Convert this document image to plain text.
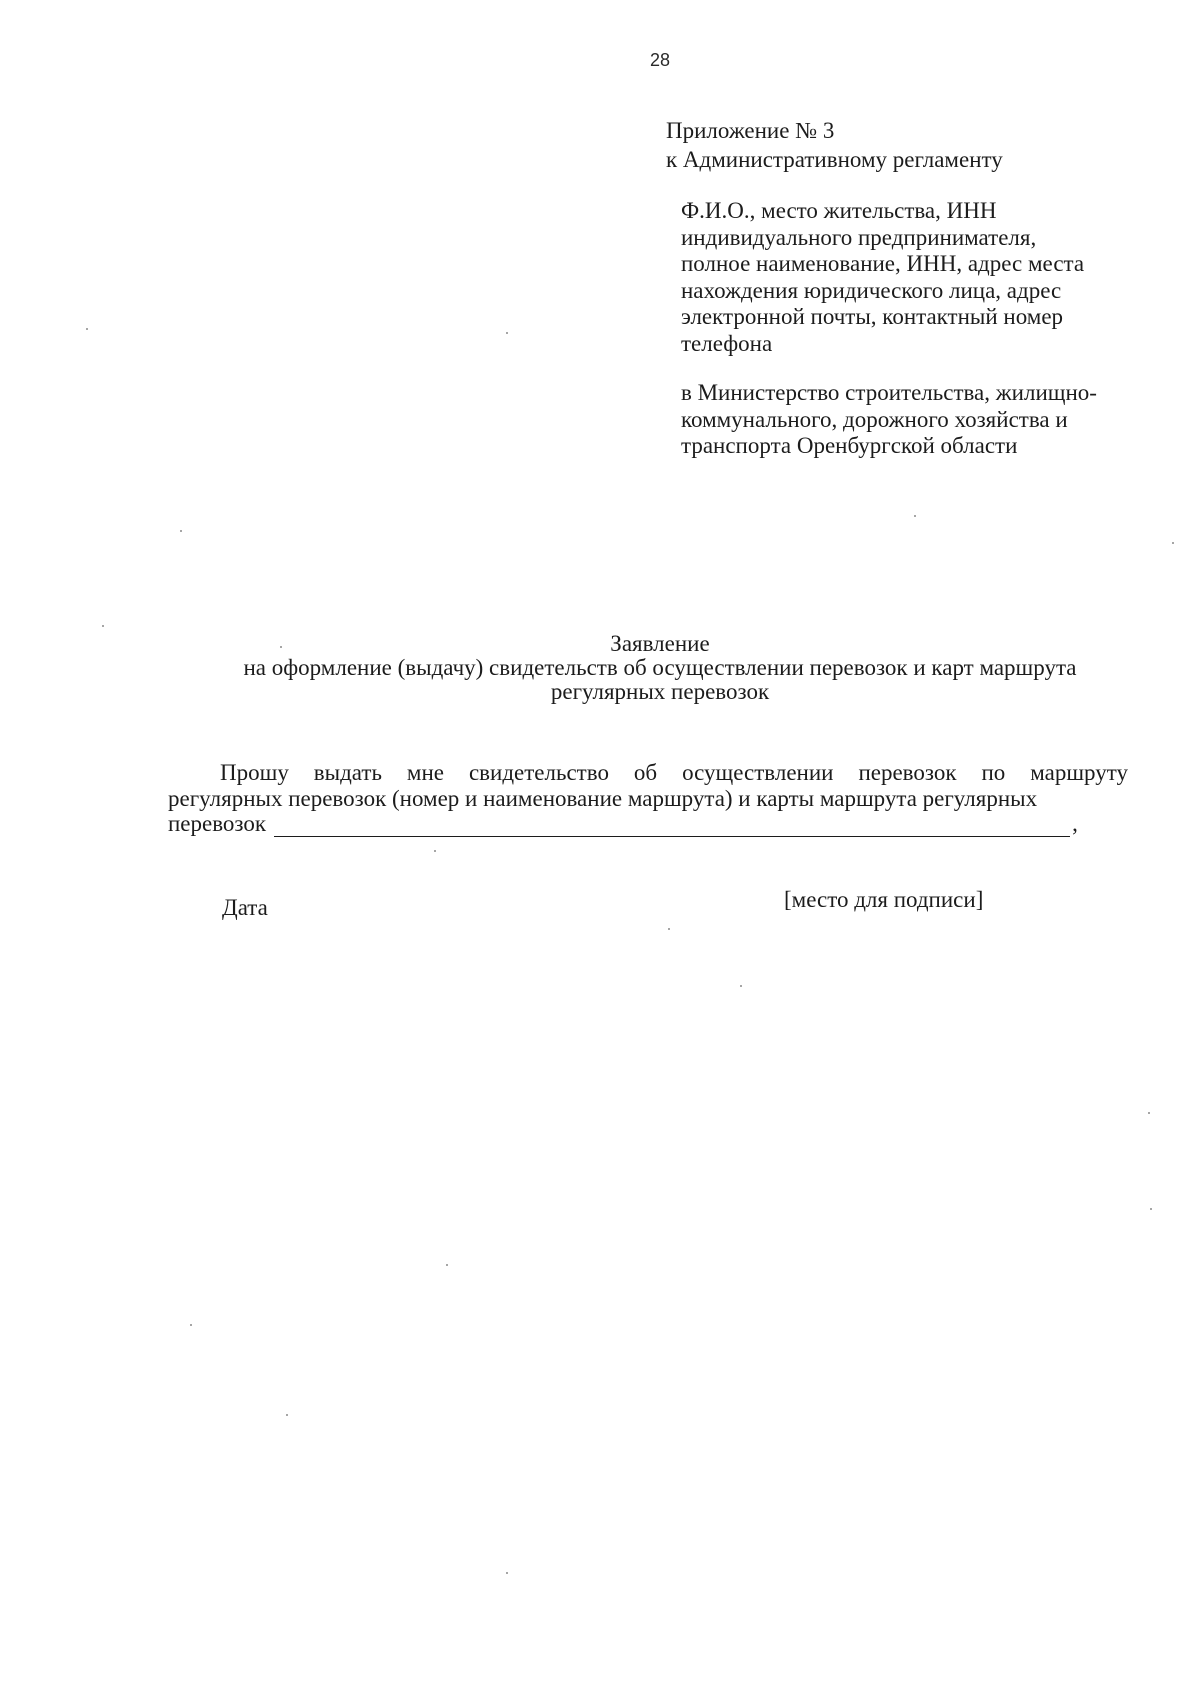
28
Приложение № 3
к Административному регламенту
Ф.И.О., место жительства, ИНН
индивидуального предпринимателя,
полное наименование, ИНН, адрес места
нахождения юридического лица, адрес
электронной почты, контактный номер
телефона
в Министерство строительства, жилищно-
коммунального, дорожного хозяйства и
транспорта Оренбургской области
Заявление
на оформление (выдачу) свидетельств об осуществлении перевозок и карт маршрута
регулярных перевозок
Прошу выдать мне свидетельство об осуществлении перевозок по маршруту
регулярных перевозок (номер и наименование маршрута) и карты маршрута регулярных
перевозок	,
Дата	[место для подписи]
